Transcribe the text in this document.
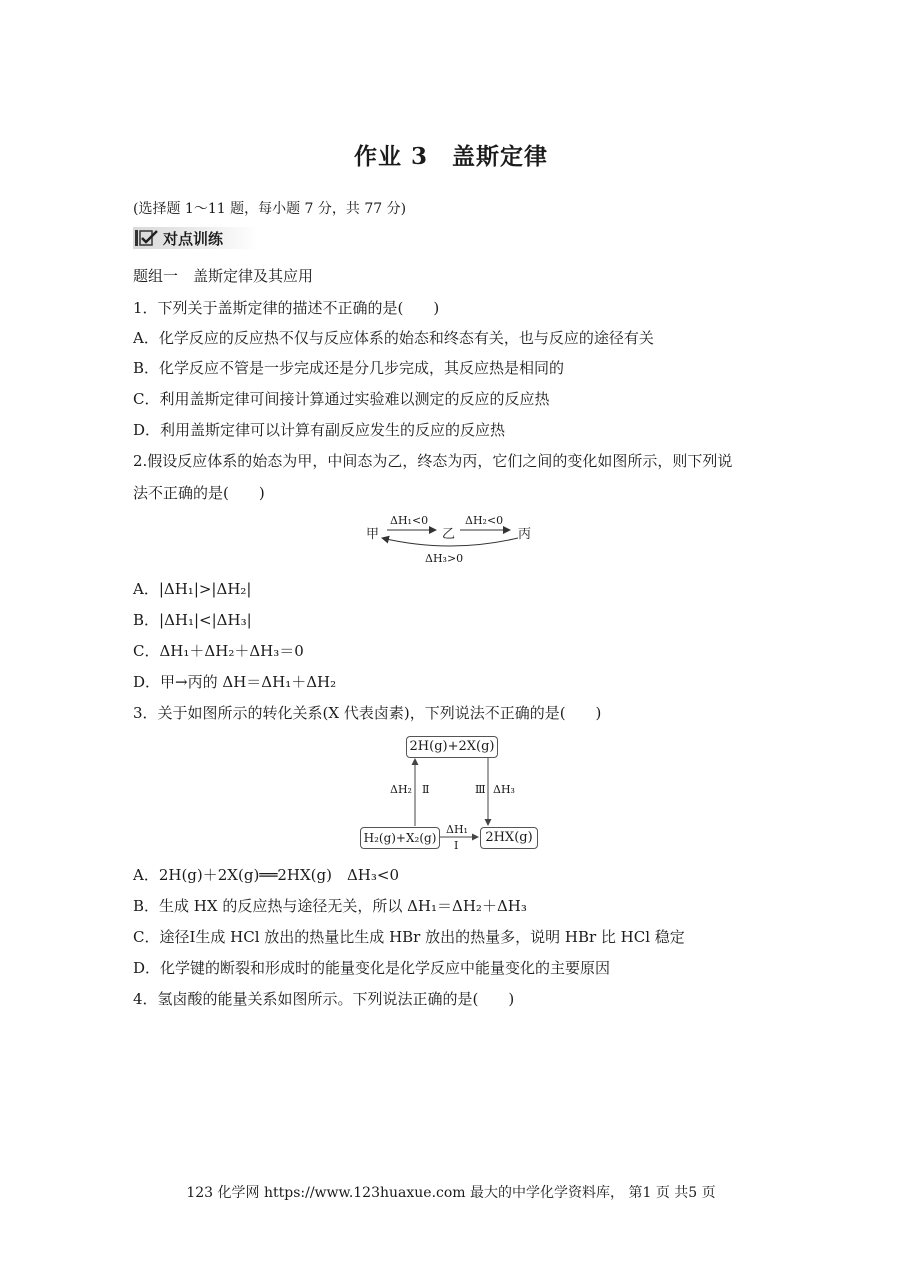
作业 3　盖斯定律
(选择题 1～11 题，每小题 7 分，共 77 分)
对点训练
题组一　盖斯定律及其应用
1．下列关于盖斯定律的描述不正确的是(　　)
A．化学反应的反应热不仅与反应体系的始态和终态有关，也与反应的途径有关
B．化学反应不管是一步完成还是分几步完成，其反应热是相同的
C．利用盖斯定律可间接计算通过实验难以测定的反应的反应热
D．利用盖斯定律可以计算有副反应发生的反应的反应热
2.假设反应体系的始态为甲，中间态为乙，终态为丙，它们之间的变化如图所示，则下列说
法不正确的是(　　)
甲	乙	丙
ΔH₁<0	ΔH₂<0
ΔH₃>0
A．|ΔH₁|>|ΔH₂|
B．|ΔH₁|<|ΔH₃|
C．ΔH₁＋ΔH₂＋ΔH₃＝0
D．甲→丙的 ΔH＝ΔH₁＋ΔH₂
3．关于如图所示的转化关系(X 代表卤素)，下列说法不正确的是(　　)
2H(g)+2X(g)
H₂(g)+X₂(g)	2HX(g)
ΔH₂ Ⅱ	Ⅲ ΔH₃
ΔH₁
Ⅰ
A．2H(g)＋2X(g)══2HX(g)　ΔH₃<0
B．生成 HX 的反应热与途径无关，所以 ΔH₁＝ΔH₂＋ΔH₃
C．途径Ⅰ生成 HCl 放出的热量比生成 HBr 放出的热量多，说明 HBr 比 HCl 稳定
D．化学键的断裂和形成时的能量变化是化学反应中能量变化的主要原因
4．氢卤酸的能量关系如图所示。下列说法正确的是(　　)
123 化学网 https://www.123huaxue.com 最大的中学化学资料库， 第1 页 共5 页
